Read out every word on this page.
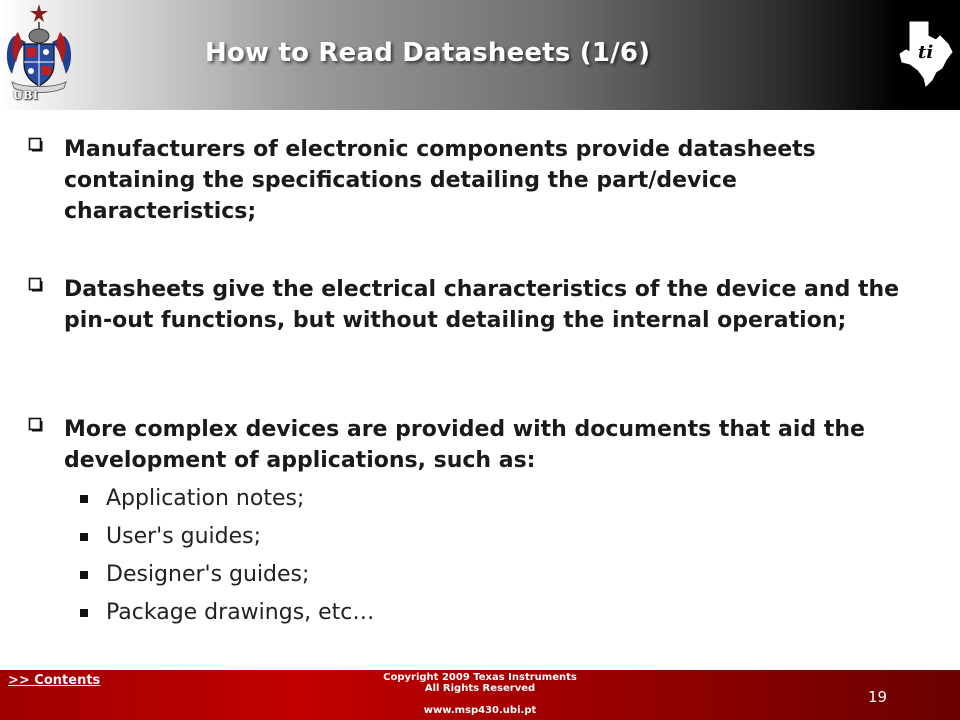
UBI
How to Read Datasheets (1/6)	ti
Manufacturers of electronic components provide datasheets containing the specifications detailing the part/device characteristics;
Datasheets give the electrical characteristics of the device and the pin-out functions, but without detailing the internal operation;
More complex devices are provided with documents that aid the development of applications, such as:
Application notes;
User's guides;
Designer's guides;
Package drawings, etc…
>> Contents	Copyright 2009 Texas Instruments
All Rights Reserved
www.msp430.ubi.pt
19
